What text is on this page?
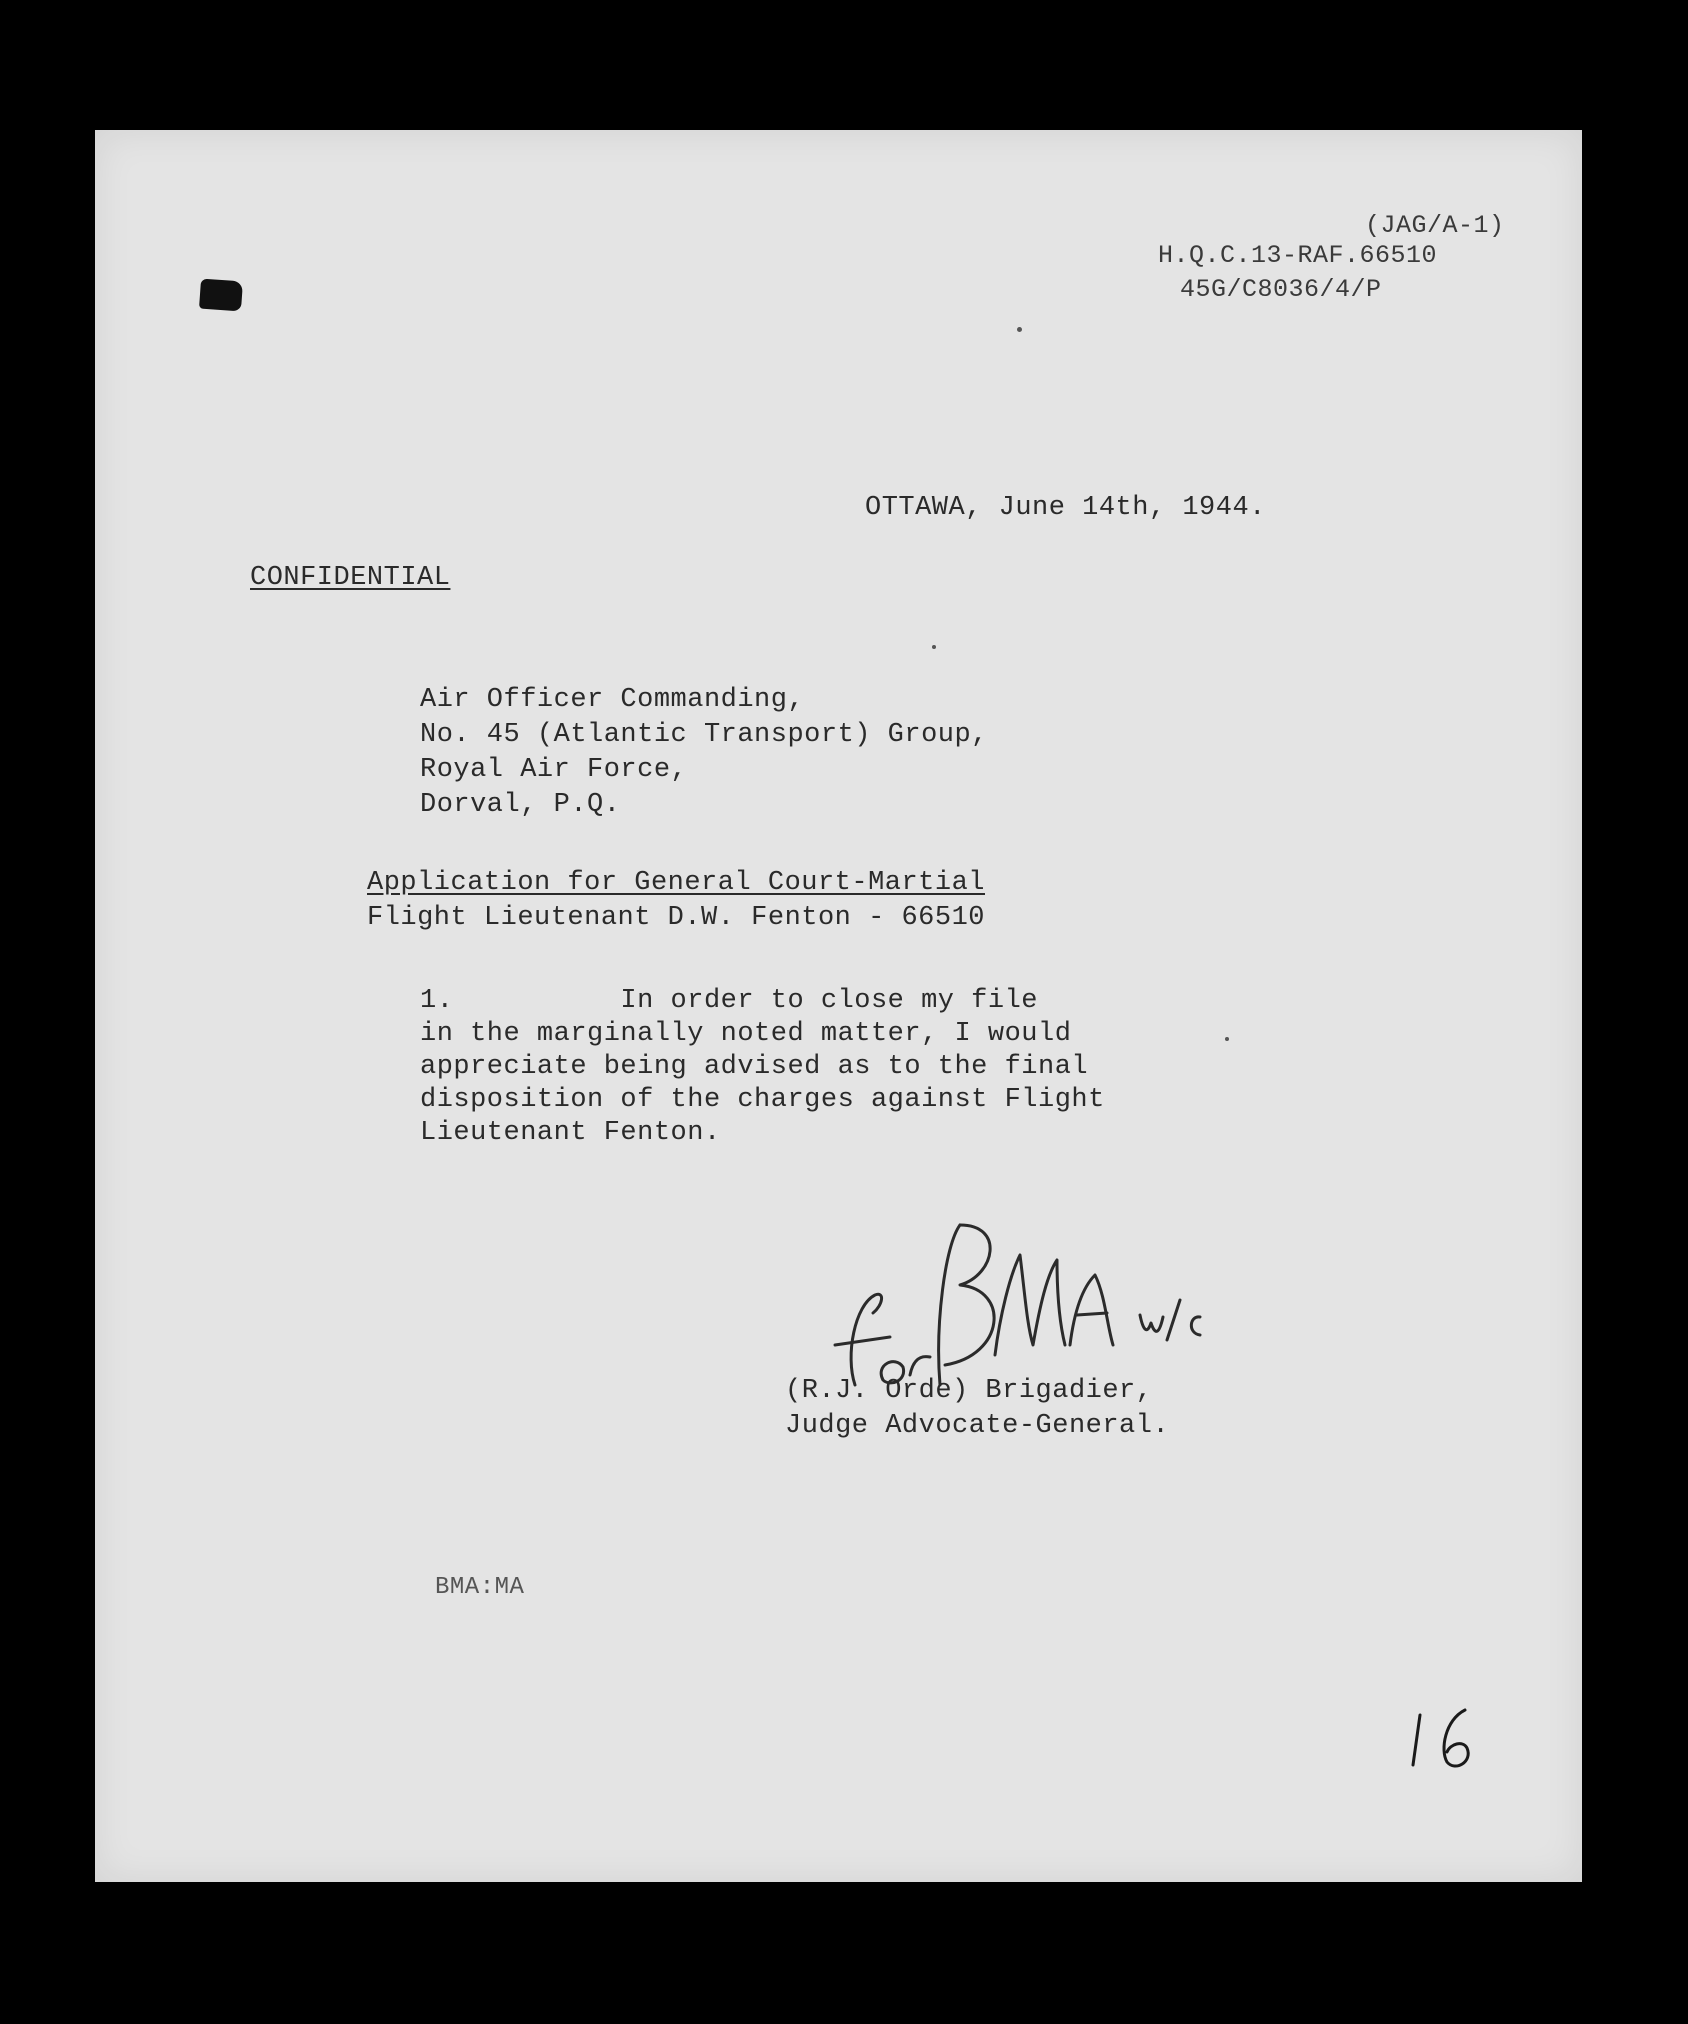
(JAG/A-1)
H.Q.C.13-RAF.66510
45G/C8036/4/P
OTTAWA, June 14th, 1944.
CONFIDENTIAL
Air Officer Commanding,
No. 45 (Atlantic Transport) Group,
Royal Air Force,
Dorval, P.Q.
Application for General Court-Martial
Flight Lieutenant D.W. Fenton - 66510
1.          In order to close my file
in the marginally noted matter, I would
appreciate being advised as to the final
disposition of the charges against Flight
Lieutenant Fenton.
(R.J. Orde) Brigadier,
Judge Advocate-General.
BMA:MA
